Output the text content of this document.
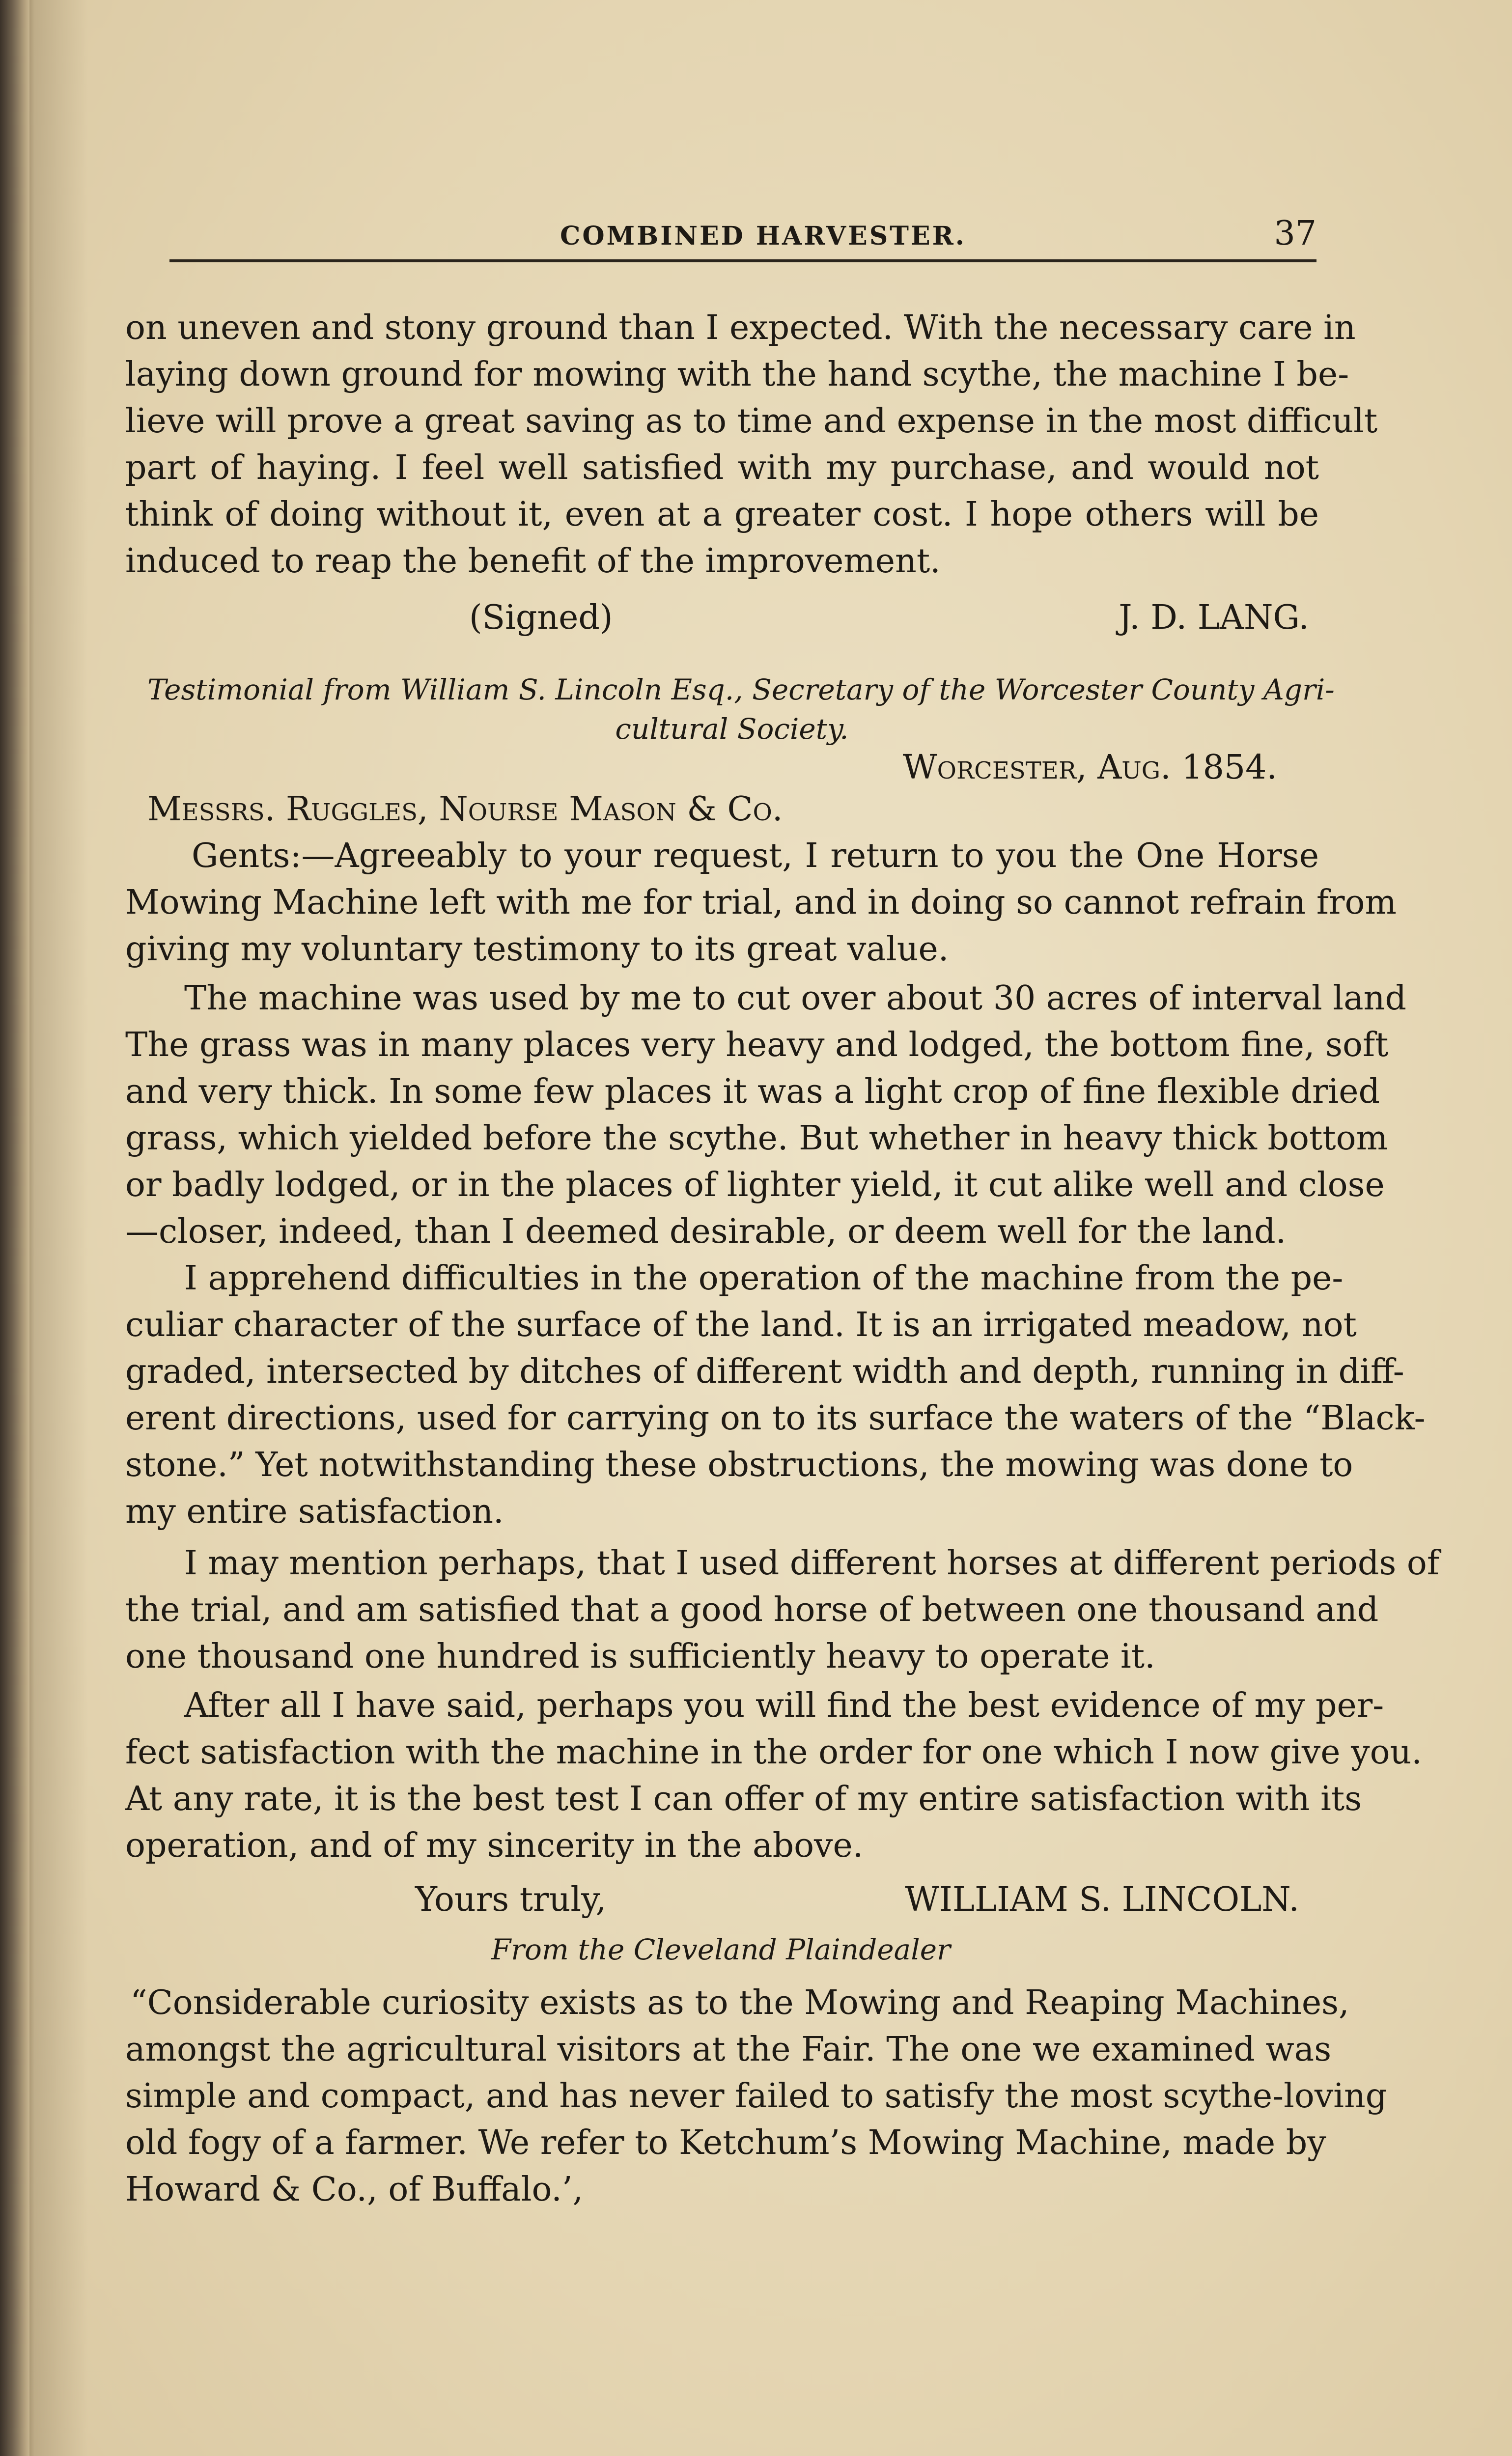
COMBINED HARVESTER.	37
on uneven and stony ground than I expected. With the necessary care in
laying down ground for mowing with the hand scythe, the machine I be-
lieve will prove a great saving as to time and expense in the most difficult
part of haying. I feel well satisfied with my purchase, and would not
think of doing without it, even at a greater cost. I hope others will be
induced to reap the benefit of the improvement.
(Signed)	J. D. LANG.
Testimonial from William S. Lincoln Esq., Secretary of the Worcester County Agri-
cultural Society.
Worcester, Aug. 1854.
Messrs. Ruggles, Nourse Mason & Co.
Gents:—Agreeably to your request, I return to you the One Horse
Mowing Machine left with me for trial, and in doing so cannot refrain from
giving my voluntary testimony to its great value.
The machine was used by me to cut over about 30 acres of interval land
The grass was in many places very heavy and lodged, the bottom fine, soft
and very thick. In some few places it was a light crop of fine flexible dried
grass, which yielded before the scythe. But whether in heavy thick bottom
or badly lodged, or in the places of lighter yield, it cut alike well and close
—closer, indeed, than I deemed desirable, or deem well for the land.
I apprehend difficulties in the operation of the machine from the pe-
culiar character of the surface of the land. It is an irrigated meadow, not
graded, intersected by ditches of different width and depth, running in diff-
erent directions, used for carrying on to its surface the waters of the “Black-
stone.” Yet notwithstanding these obstructions, the mowing was done to
my entire satisfaction.
I may mention perhaps, that I used different horses at different periods of
the trial, and am satisfied that a good horse of between one thousand and
one thousand one hundred is sufficiently heavy to operate it.
After all I have said, perhaps you will find the best evidence of my per-
fect satisfaction with the machine in the order for one which I now give you.
At any rate, it is the best test I can offer of my entire satisfaction with its
operation, and of my sincerity in the above.
Yours truly,	WILLIAM S. LINCOLN.
From the Cleveland Plaindealer
“Considerable curiosity exists as to the Mowing and Reaping Machines,
amongst the agricultural visitors at the Fair. The one we examined was
simple and compact, and has never failed to satisfy the most scythe-loving
old fogy of a farmer. We refer to Ketchum’s Mowing Machine, made by
Howard & Co., of Buffalo.’,
